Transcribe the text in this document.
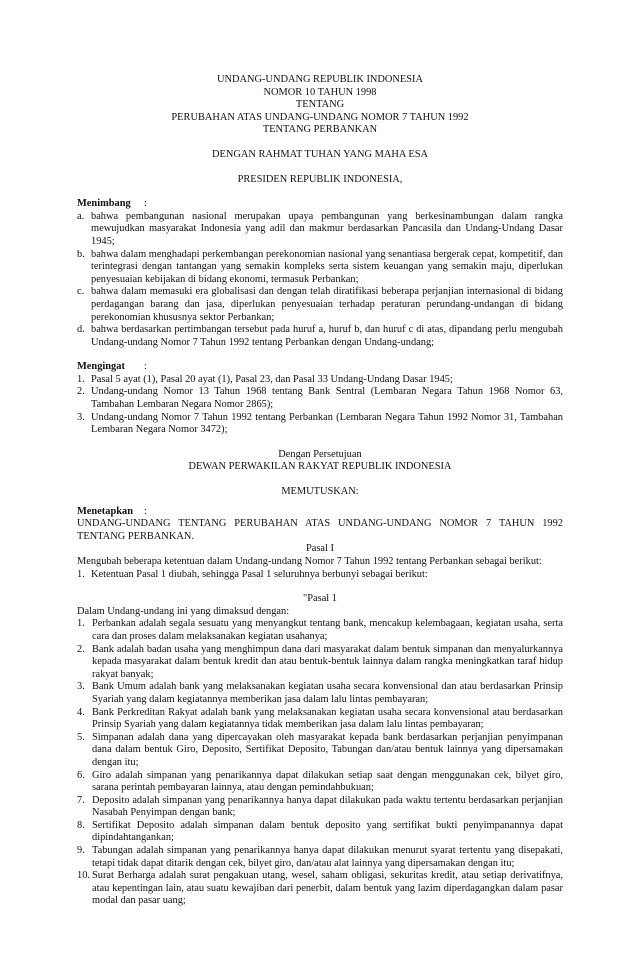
UNDANG-UNDANG REPUBLIK INDONESIA
NOMOR 10 TAHUN 1998
TENTANG
PERUBAHAN ATAS UNDANG-UNDANG NOMOR 7 TAHUN 1992
TENTANG PERBANKAN
DENGAN RAHMAT TUHAN YANG MAHA ESA
PRESIDEN REPUBLIK INDONESIA,
Menimbang :
a. bahwa pembangunan nasional merupakan upaya pembangunan yang berkesinambungan dalam rangka mewujudkan masyarakat Indonesia yang adil dan makmur berdasarkan Pancasila dan Undang-Undang Dasar 1945;
b. bahwa dalam menghadapi perkembangan perekonomian nasional yang senantiasa bergerak cepat, kompetitif, dan terintegrasi dengan tantangan yang semakin kompleks serta sistem keuangan yang semakin maju, diperlukan penyesuaian kebijakan di bidang ekonomi, termasuk Perbankan;
c. bahwa dalam memasuki era globalisasi dan dengan telah diratifikasi beberapa perjanjian internasional di bidang perdagangan barang dan jasa, diperlukan penyesuaian terhadap peraturan perundang-undangan di bidang perekonomian khususnya sektor Perbankan;
d. bahwa berdasarkan pertimbangan tersebut pada huruf a, huruf b, dan huruf c di atas, dipandang perlu mengubah Undang-undang Nomor 7 Tahun 1992 tentang Perbankan dengan Undang-undang;
Mengingat :
1. Pasal 5 ayat (1), Pasal 20 ayat (1), Pasal 23, dan Pasal 33 Undang-Undang Dasar 1945;
2. Undang-undang Nomor 13 Tahun 1968 tentang Bank Sentral (Lembaran Negara Tahun 1968 Nomor 63, Tambahan Lembaran Negara Nomor 2865);
3. Undang-undang Nomor 7 Tahun 1992 tentang Perbankan (Lembaran Negara Tahun 1992 Nomor 31, Tambahan Lembaran Negara Nomor 3472);
Dengan Persetujuan
DEWAN PERWAKILAN RAKYAT REPUBLIK INDONESIA
MEMUTUSKAN:
Menetapkan :
UNDANG-UNDANG TENTANG PERUBAHAN ATAS UNDANG-UNDANG NOMOR 7 TAHUN 1992 TENTANG PERBANKAN.
Pasal I
Mengubah beberapa ketentuan dalam Undang-undang Nomor 7 Tahun 1992 tentang Perbankan sebagai berikut:
1. Ketentuan Pasal 1 diubah, sehingga Pasal 1 seluruhnya berbunyi sebagai berikut:
"Pasal 1
Dalam Undang-undang ini yang dimaksud dengan:
1. Perbankan adalah segala sesuatu yang menyangkut tentang bank, mencakup kelembagaan, kegiatan usaha, serta cara dan proses dalam melaksanakan kegiatan usahanya;
2. Bank adalah badan usaha yang menghimpun dana dari masyarakat dalam bentuk simpanan dan menyalurkannya kepada masyarakat dalam bentuk kredit dan atau bentuk-bentuk lainnya dalam rangka meningkatkan taraf hidup rakyat banyak;
3. Bank Umum adalah bank yang melaksanakan kegiatan usaha secara konvensional dan atau berdasarkan Prinsip Syariah yang dalam kegiatannya memberikan jasa dalam lalu lintas pembayaran;
4. Bank Perkreditan Rakyat adalah bank yang melaksanakan kegiatan usaha secara konvensional atau berdasarkan Prinsip Syariah yang dalam kegiatannya tidak memberikan jasa dalam lalu lintas pembayaran;
5. Simpanan adalah dana yang dipercayakan oleh masyarakat kepada bank berdasarkan perjanjian penyimpanan dana dalam bentuk Giro, Deposito, Sertifikat Deposito, Tabungan dan/atau bentuk lainnya yang dipersamakan dengan itu;
6. Giro adalah simpanan yang penarikannya dapat dilakukan setiap saat dengan menggunakan cek, bilyet giro, sarana perintah pembayaran lainnya, atau dengan pemindahbukuan;
7. Deposito adalah simpanan yang penarikannya hanya dapat dilakukan pada waktu tertentu berdasarkan perjanjian Nasabah Penyimpan dengan bank;
8. Sertifikat Deposito adalah simpanan dalam bentuk deposito yang sertifikat bukti penyimpanannya dapat dipindahtangankan;
9. Tabungan adalah simpanan yang penarikannya hanya dapat dilakukan menurut syarat tertentu yang disepakati, tetapi tidak dapat ditarik dengan cek, bilyet giro, dan/atau alat lainnya yang dipersamakan dengan itu;
10. Surat Berharga adalah surat pengakuan utang, wesel, saham obligasi, sekuritas kredit, atau setiap derivatifnya, atau kepentingan lain, atau suatu kewajiban dari penerbit, dalam bentuk yang lazim diperdagangkan dalam pasar modal dan pasar uang;
